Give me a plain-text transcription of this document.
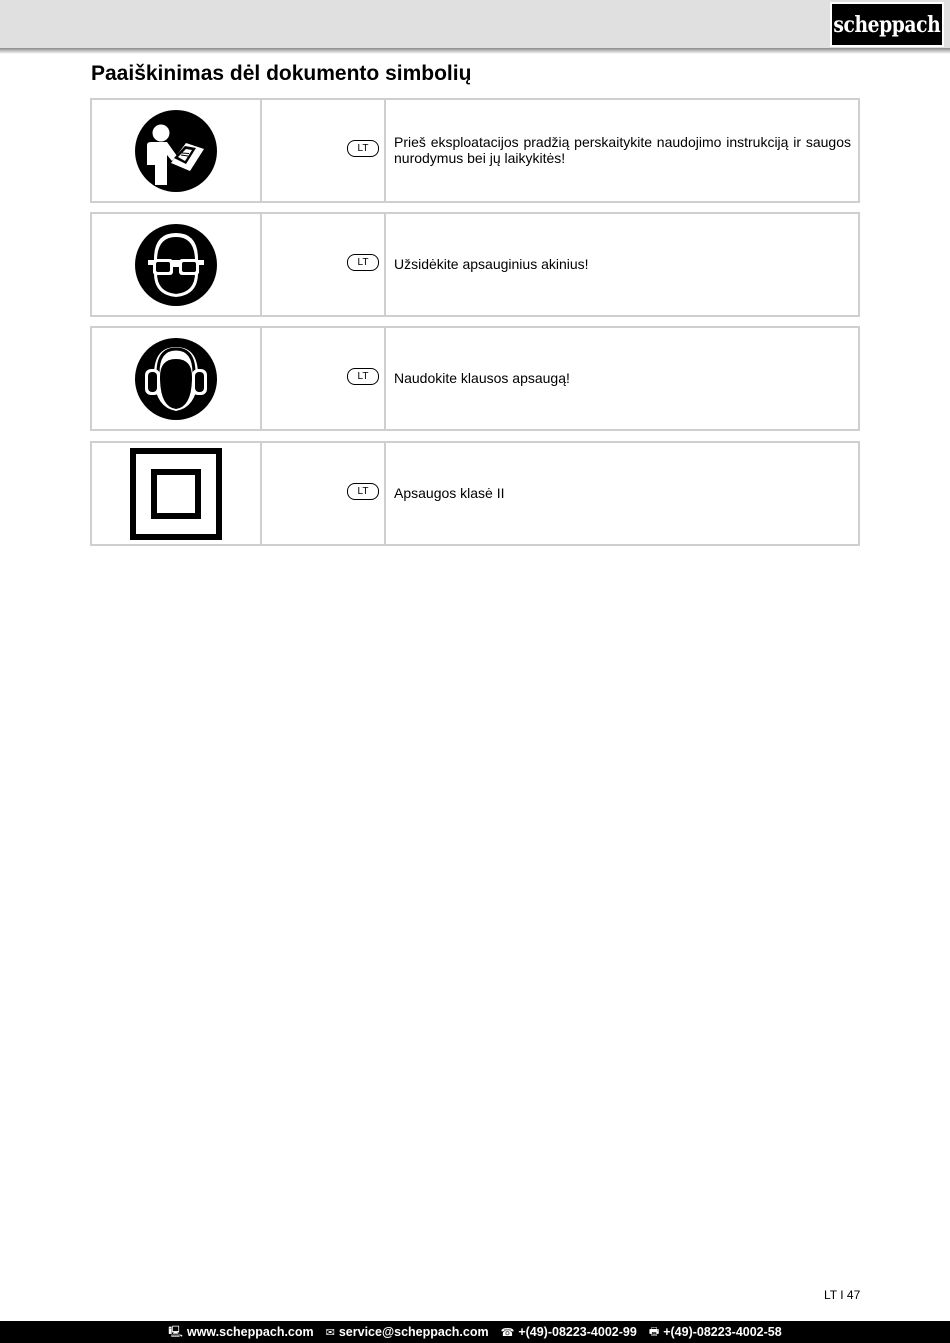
scheppach
Paaiškinimas dėl dokumento simbolių
LT	Prieš eksploatacijos pradžią perskaitykite naudojimo instrukciją ir saugos nurodymus bei jų laikykitės!
LT	Užsidėkite apsauginius akinius!
LT	Naudokite klausos apsaugą!
LT	Apsaugos klasė II
LT I 47
🖳 www.scheppach.com ✉ service@scheppach.com ☎ +(49)-08223-4002-99 🖶 +(49)-08223-4002-58
